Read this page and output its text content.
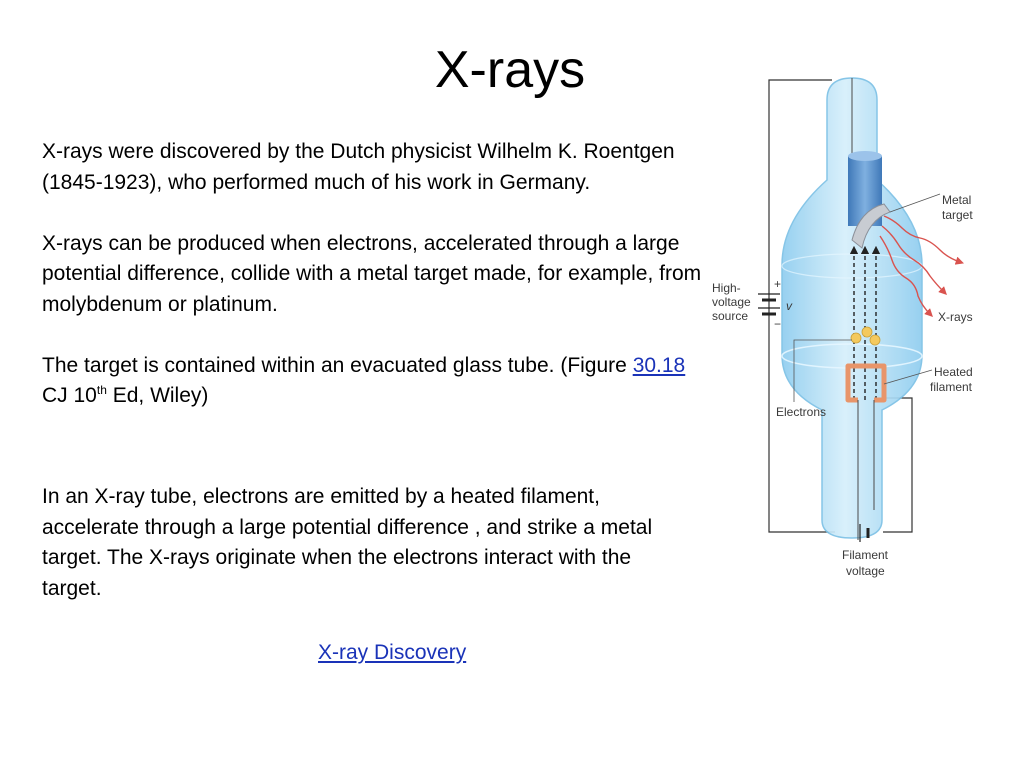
X-rays

X-rays were discovered by the Dutch physicist Wilhelm K. Roentgen (1845-1923), who performed much of his work in Germany.

X-rays can be produced when electrons, accelerated through a large potential difference, collide with a metal target made, for example, from molybdenum or platinum.

The target is contained within an evacuated glass tube. (Figure 30.18 CJ 10th Ed, Wiley)

In an X-ray tube, electrons are emitted by a heated filament, accelerate through a large potential difference , and strike a metal target. The X-rays originate when the electrons interact with the target.

X-ray Discovery
+
−
v
Metal
target
High-
voltage
source	X-rays
Heated
filament
Electrons
Filament
voltage
